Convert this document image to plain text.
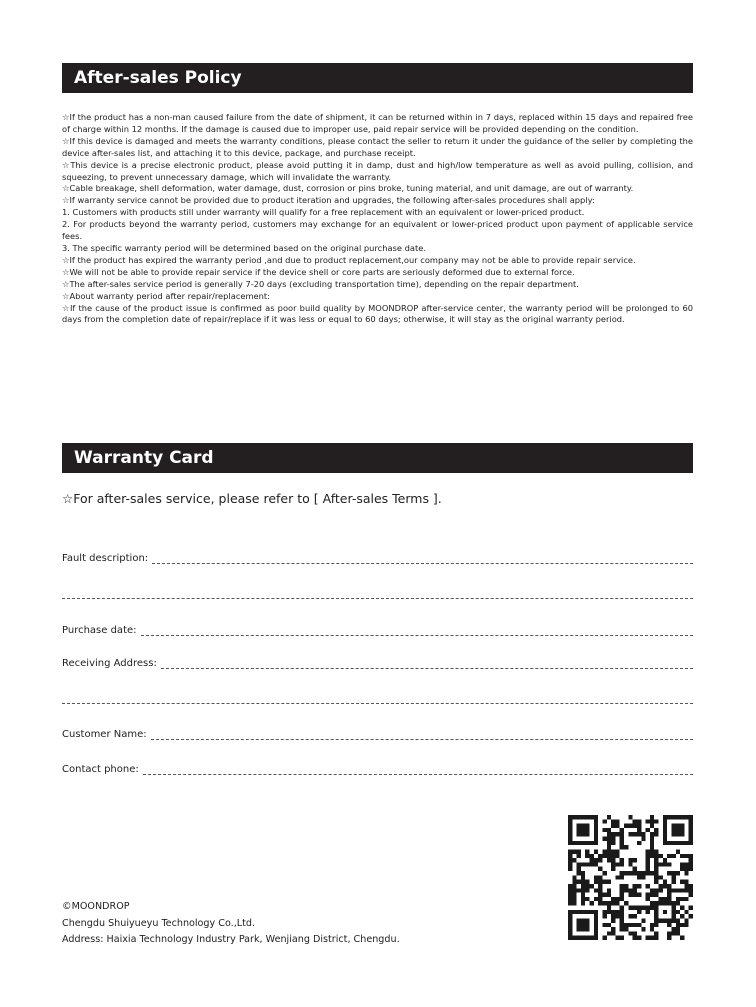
After-sales Policy

☆If the product has a non-man caused failure from the date of shipment, it can be returned within in 7 days, replaced within 15 days and repaired free of charge within 12 months. If the damage is caused due to improper use, paid repair service will be provided depending on the condition.

☆If this device is damaged and meets the warranty conditions, please contact the seller to return it under the guidance of the seller by completing the device after-sales list, and attaching it to this device, package, and purchase receipt.

☆This device is a precise electronic product, please avoid putting it in damp, dust and high/low temperature as well as avoid pulling, collision, and squeezing, to prevent unnecessary damage, which will invalidate the warranty.

☆Cable breakage, shell deformation, water damage, dust, corrosion or pins broke, tuning material, and unit damage, are out of warranty.

☆If warranty service cannot be provided due to product iteration and upgrades, the following after-sales procedures shall apply:

1. Customers with products still under warranty will qualify for a free replacement with an equivalent or lower-priced product.

2. For products beyond the warranty period, customers may exchange for an equivalent or lower-priced product upon payment of applicable service fees.

3. The specific warranty period will be determined based on the original purchase date.

☆If the product has expired the warranty period ,and due to product replacement,our company may not be able to provide repair service.

☆We will not be able to provide repair service if the device shell or core parts are seriously deformed due to external force.

☆The after-sales service period is generally 7-20 days (excluding transportation time), depending on the repair department.

☆About warranty period after repair/replacement:

☆If the cause of the product issue is confirmed as poor build quality by MOONDROP after-service center, the warranty period will be prolonged to 60 days from the completion date of repair/replace if it was less or equal to 60 days; otherwise, it will stay as the original warranty period.

Warranty Card
☆For after-sales service, please refer to [ After-sales Terms ].
Fault description:
Purchase date:
Receiving Address:
Customer Name:
Contact phone:
©MOONDROP
Chengdu Shuiyueyu Technology Co.,Ltd.
Address: Haixia Technology Industry Park, Wenjiang District, Chengdu.
